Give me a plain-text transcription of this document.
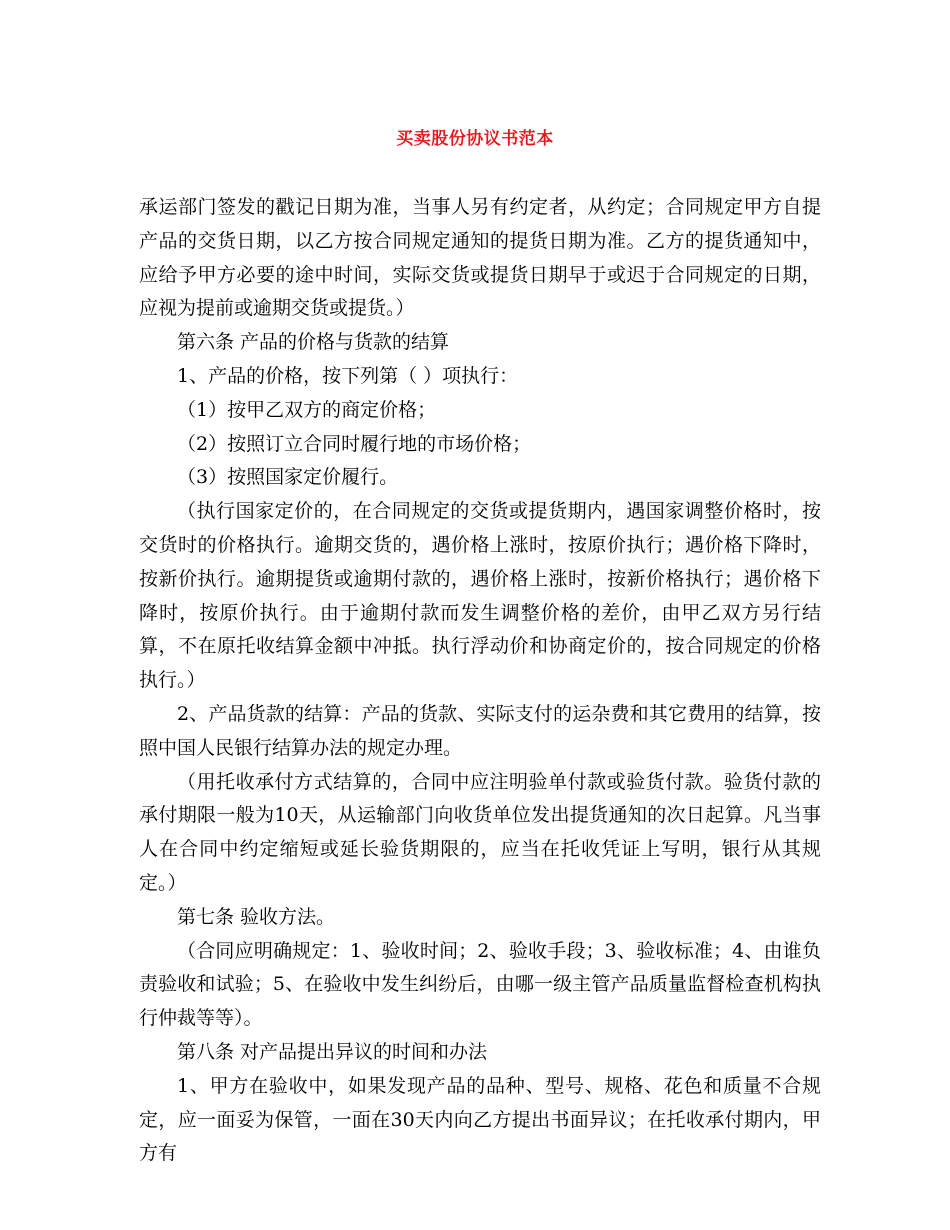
买卖股份协议书范本

承运部门签发的戳记日期为准，当事人另有约定者，从约定；合同规定甲方自提产品的交货日期，以乙方按合同规定通知的提货日期为准。乙方的提货通知中，应给予甲方必要的途中时间，实际交货或提货日期早于或迟于合同规定的日期，应视为提前或逾期交货或提货。）

第六条 产品的价格与货款的结算

1、产品的价格，按下列第（ ）项执行：

（1）按甲乙双方的商定价格；

（2）按照订立合同时履行地的市场价格；

（3）按照国家定价履行。

（执行国家定价的，在合同规定的交货或提货期内，遇国家调整价格时，按交货时的价格执行。逾期交货的，遇价格上涨时，按原价执行；遇价格下降时，按新价执行。逾期提货或逾期付款的，遇价格上涨时，按新价格执行；遇价格下降时，按原价执行。由于逾期付款而发生调整价格的差价，由甲乙双方另行结算，不在原托收结算金额中冲抵。执行浮动价和协商定价的，按合同规定的价格执行。）

2、产品货款的结算：产品的货款、实际支付的运杂费和其它费用的结算，按照中国人民银行结算办法的规定办理。

（用托收承付方式结算的，合同中应注明验单付款或验货付款。验货付款的承付期限一般为10天，从运输部门向收货单位发出提货通知的次日起算。凡当事人在合同中约定缩短或延长验货期限的，应当在托收凭证上写明，银行从其规定。）

第七条 验收方法。

（合同应明确规定：1、验收时间；2、验收手段；3、验收标准；4、由谁负责验收和试验；5、在验收中发生纠纷后，由哪一级主管产品质量监督检查机构执行仲裁等等）。

第八条 对产品提出异议的时间和办法

1、甲方在验收中，如果发现产品的品种、型号、规格、花色和质量不合规定，应一面妥为保管，一面在30天内向乙方提出书面异议；在托收承付期内，甲方有
